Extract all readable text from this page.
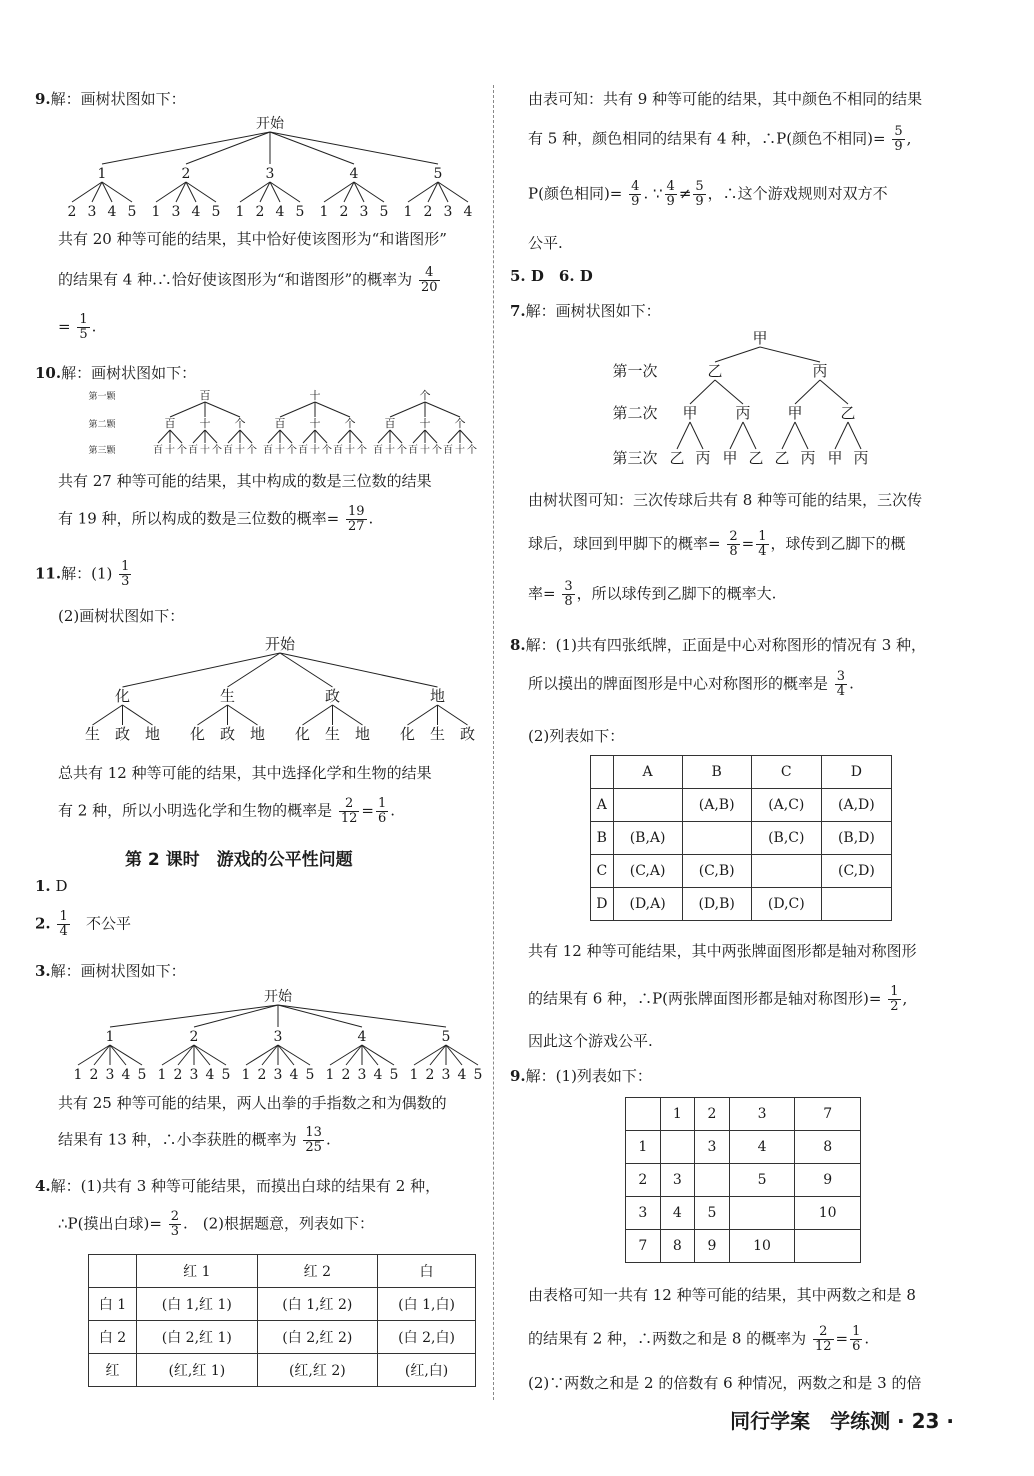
9.解：画树状图如下：
开始
1
2 3 4 5
2
1 3 4 5
3
1 2 4 5
4
1 2 3 5
5
1 2 3 4
共有 20 种等可能的结果，其中恰好使该图形为“和谐图形”
的结果有 4 种.∴恰好使该图形为“和谐图形”的概率为 $\frac{4}{20}$
= $\frac{1}{5}$ .
10.解：画树状图如下：
第一颗
第二颗
第三颗
百
百
百 十 个
十
百 十 个
个
百 十 个
十
百
百 十 个
十
百 十 个
个
百 十 个
个
百
百 十 个
十
百 十 个
个
百 十 个
共有 27 种等可能的结果，其中构成的数是三位数的结果
有 19 种，所以构成的数是三位数的概率= $\frac{19}{27}$ .
11.解：$(1) \frac{1}{3}$
(2)画树状图如下：
开始
化
生 政 地
生
化 政 地
政
化 生 地
地
化 生 政
总共有 12 种等可能的结果，其中选择化学和生物的结果
有 2 种，所以小明选化学和生物的概率是 $\frac{2}{12} = \frac{1}{6}$ .
第 2 课时　游戏的公平性问题
1. D
2. $\frac{1}{4}$ 不公平
3.解：画树状图如下：
开始
1
1 2 3 4 5
2
1 2 3 4 5
3
1 2 3 4 5
4
1 2 3 4 5
5
1 2 3 4 5
共有 25 种等可能的结果，两人出拳的手指数之和为偶数的
结果有 13 种，∴小李获胜的概率为 $\frac{13}{25}$ .
4.解：(1)共有 3 种等可能结果，而摸出白球的结果有 2 种，
∴P(摸出白球)= $\frac{2}{3}$ .　(2)根据题意，列表如下：
	红 1	红 2	白
白 1	(白 1,红 1)	(白 1,红 2)	(白 1,白)
白 2	(白 2,红 1)	(白 2,红 2)	(白 2,白)
红	(红,红 1)	(红,红 2)	(红,白)
由表可知：共有 9 种等可能的结果，其中颜色不相同的结果
有 5 种，颜色相同的结果有 4 种，∴P(颜色不相同)= $\frac{5}{9}$ ,
P(颜色相同)= $\frac{4}{9}$ . ∵ $\frac{4}{9} \ne \frac{5}{9}$ ，∴这个游戏规则对双方不
公平.
5. D　6. D
7.解：画树状图如下：
第一次
第二次
第三次
甲
乙	丙
甲	丙 甲	乙
乙 丙 甲 乙 乙 丙 甲 丙
由树状图可知：三次传球后共有 8 种等可能的结果，三次传
球后，球回到甲脚下的概率= $\frac{2}{8} = \frac{1}{4}$ ，球传到乙脚下的概
率= $\frac{3}{8}$ ，所以球传到乙脚下的概率大.
8.解：(1)共有四张纸牌，正面是中心对称图形的情况有 3 种，
所以摸出的牌面图形是中心对称图形的概率是 $\frac{3}{4}$ .
(2)列表如下：
	A	B	C	D
A		(A,B)	(A,C)	(A,D)
B	(B,A)		(B,C)	(B,D)
C	(C,A)	(C,B)		(C,D)
D	(D,A)	(D,B)	(D,C)	
共有 12 种等可能结果，其中两张牌面图形都是轴对称图形
的结果有 6 种，∴P(两张牌面图形都是轴对称图形)= $\frac{1}{2}$ ,
因此这个游戏公平.
9.解：(1)列表如下：
	1	2	3	7
1		3	4	8
2	3		5	9
3	4	5		10
7	8	9	10	
由表格可知一共有 12 种等可能的结果，其中两数之和是 8
的结果有 2 种，∴两数之和是 8 的概率为 $\frac{2}{12} = \frac{1}{6}$ .
(2)∵两数之和是 2 的倍数有 6 种情况，两数之和是 3 的倍
同行学案　学练测 · 23 ·
